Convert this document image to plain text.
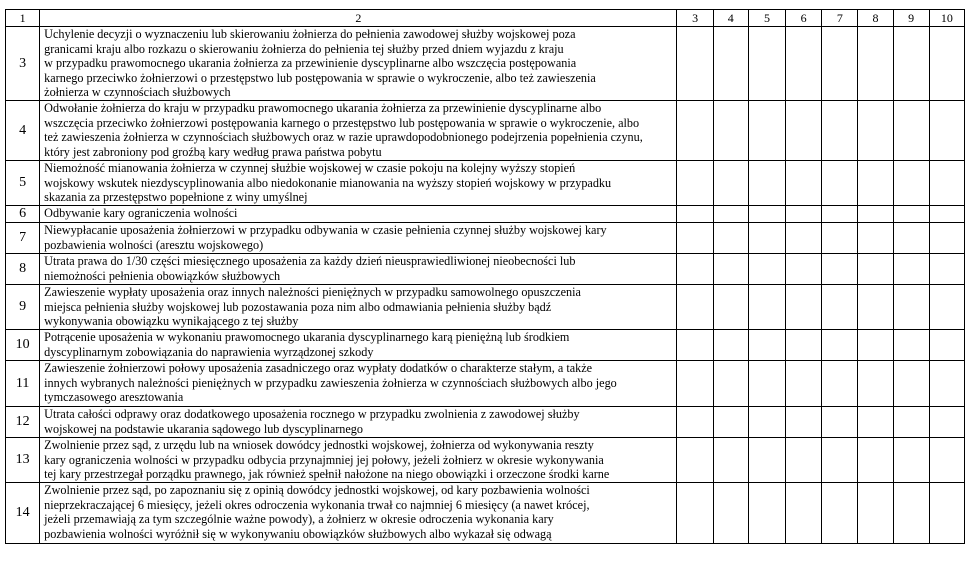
1	2	3	4	5	6	7	8	9	10
3	Uchylenie decyzji o wyznaczeniu lub skierowaniu żołnierza do pełnienia zawodowej służby wojskowej poza
granicami kraju albo rozkazu o skierowaniu żołnierza do pełnienia tej służby przed dniem wyjazdu z kraju
w przypadku prawomocnego ukarania żołnierza za przewinienie dyscyplinarne albo wszczęcia postępowania
karnego przeciwko żołnierzowi o przestępstwo lub postępowania w sprawie o wykroczenie, albo też zawieszenia
żołnierza w czynnościach służbowych								

4	Odwołanie żołnierza do kraju w przypadku prawomocnego ukarania żołnierza za przewinienie dyscyplinarne albo
wszczęcia przeciwko żołnierzowi postępowania karnego o przestępstwo lub postępowania w sprawie o wykroczenie, albo
też zawieszenia żołnierza w czynnościach służbowych oraz w razie uprawdopodobnionego podejrzenia popełnienia czynu,
który jest zabroniony pod groźbą kary według prawa państwa pobytu								

5	Niemożność mianowania żołnierza w czynnej służbie wojskowej w czasie pokoju na kolejny wyższy stopień
wojskowy wskutek niezdyscyplinowania albo niedokonanie mianowania na wyższy stopień wojskowy w przypadku
skazania za przestępstwo popełnione z winy umyślnej								

6	Odbywanie kary ograniczenia wolności								

7	Niewypłacanie uposażenia żołnierzowi w przypadku odbywania w czasie pełnienia czynnej służby wojskowej kary
pozbawienia wolności (aresztu wojskowego)								

8	Utrata prawa do 1/30 części miesięcznego uposażenia za każdy dzień nieusprawiedliwionej nieobecności lub
niemożności pełnienia obowiązków służbowych								

9	Zawieszenie wypłaty uposażenia oraz innych należności pieniężnych w przypadku samowolnego opuszczenia
miejsca pełnienia służby wojskowej lub pozostawania poza nim albo odmawiania pełnienia służby bądź
wykonywania obowiązku wynikającego z tej służby								

10	Potrącenie uposażenia w wykonaniu prawomocnego ukarania dyscyplinarnego karą pieniężną lub środkiem
dyscyplinarnym zobowiązania do naprawienia wyrządzonej szkody								

11	Zawieszenie żołnierzowi połowy uposażenia zasadniczego oraz wypłaty dodatków o charakterze stałym, a także
innych wybranych należności pieniężnych w przypadku zawieszenia żołnierza w czynnościach służbowych albo jego
tymczasowego aresztowania								

12	Utrata całości odprawy oraz dodatkowego uposażenia rocznego w przypadku zwolnienia z zawodowej służby
wojskowej na podstawie ukarania sądowego lub dyscyplinarnego								

13	Zwolnienie przez sąd, z urzędu lub na wniosek dowódcy jednostki wojskowej, żołnierza od wykonywania reszty
kary ograniczenia wolności w przypadku odbycia przynajmniej jej połowy, jeżeli żołnierz w okresie wykonywania
tej kary przestrzegał porządku prawnego, jak również spełnił nałożone na niego obowiązki i orzeczone środki karne								

14	Zwolnienie przez sąd, po zapoznaniu się z opinią dowódcy jednostki wojskowej, od kary pozbawienia wolności
nieprzekraczającej 6 miesięcy, jeżeli okres odroczenia wykonania trwał co najmniej 6 miesięcy (a nawet krócej,
jeżeli przemawiają za tym szczególnie ważne powody), a żołnierz w okresie odroczenia wykonania kary
pozbawienia wolności wyróżnił się w wykonywaniu obowiązków służbowych albo wykazał się odwagą								
